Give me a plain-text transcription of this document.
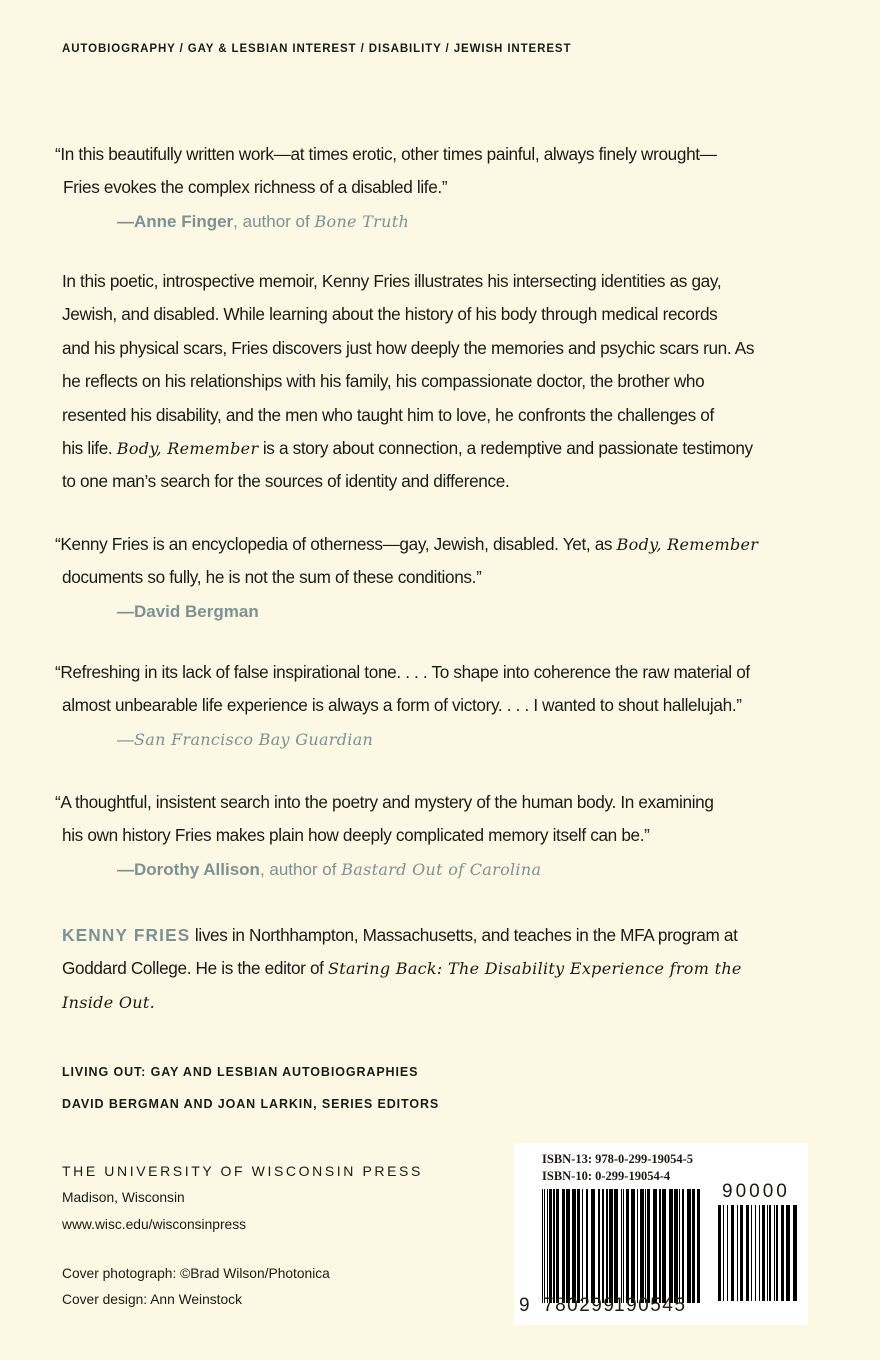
AUTOBIOGRAPHY / GAY & LESBIAN INTEREST / DISABILITY / JEWISH INTEREST
“In this beautifully written work—at times erotic, other times painful, always finely wrought—
Fries evokes the complex richness of a disabled life.”
—Anne Finger, author of Bone Truth
In this poetic, introspective memoir, Kenny Fries illustrates his intersecting identities as gay,
Jewish, and disabled. While learning about the history of his body through medical records
and his physical scars, Fries discovers just how deeply the memories and psychic scars run. As
he reflects on his relationships with his family, his compassionate doctor, the brother who
resented his disability, and the men who taught him to love, he confronts the challenges of
his life. Body, Remember is a story about connection, a redemptive and passionate testimony
to one man’s search for the sources of identity and difference.
“Kenny Fries is an encyclopedia of otherness—gay, Jewish, disabled. Yet, as Body, Remember
documents so fully, he is not the sum of these conditions.”
—David Bergman
“Refreshing in its lack of false inspirational tone. . . . To shape into coherence the raw material of
almost unbearable life experience is always a form of victory. . . . I wanted to shout hallelujah.”
—San Francisco Bay Guardian
“A thoughtful, insistent search into the poetry and mystery of the human body. In examining
his own history Fries makes plain how deeply complicated memory itself can be.”
—Dorothy Allison, author of Bastard Out of Carolina
KENNY FRIES lives in Northhampton, Massachusetts, and teaches in the MFA program at
Goddard College. He is the editor of Staring Back: The Disability Experience from the
Inside Out.
LIVING OUT: GAY AND LESBIAN AUTOBIOGRAPHIES
DAVID BERGMAN AND JOAN LARKIN, SERIES EDITORS
THE UNIVERSITY OF WISCONSIN PRESS
Madison, Wisconsin
www.wisc.edu/wisconsinpress
Cover photograph: ©Brad Wilson/Photonica
Cover design: Ann Weinstock
ISBN-13: 978-0-299-19054-5
ISBN-10: 0-299-19054-4
9 780299
190545
90000
